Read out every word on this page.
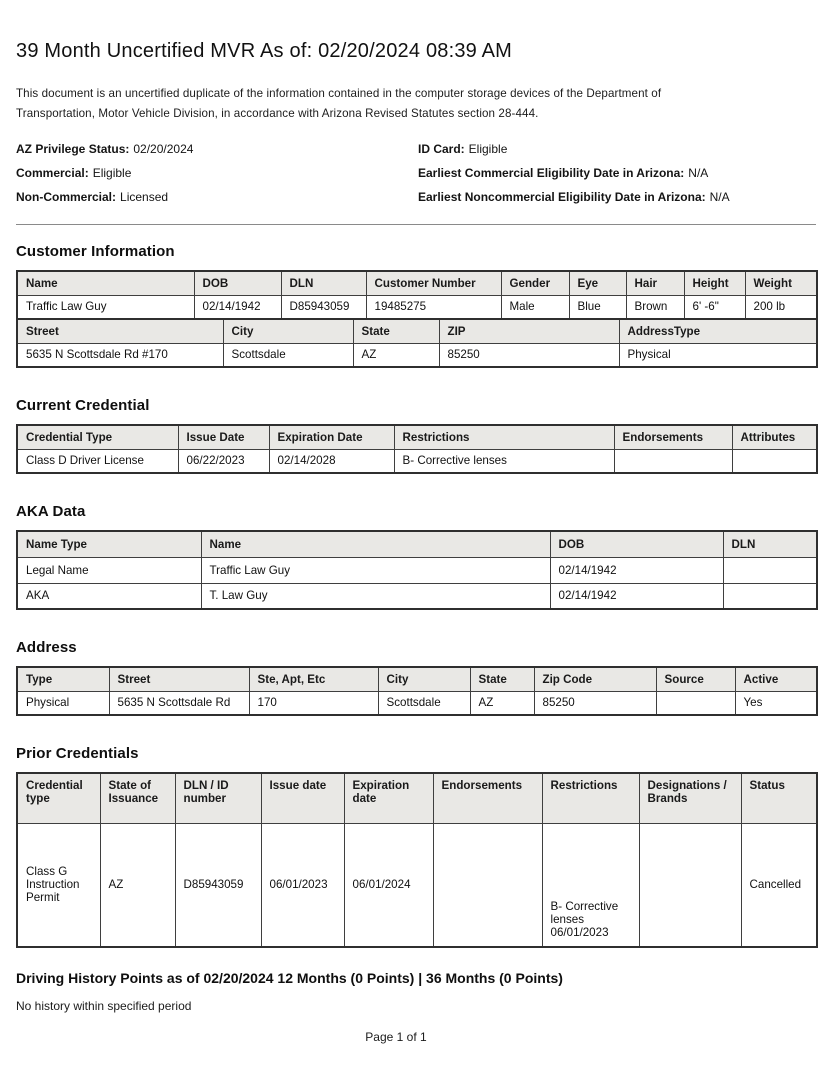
39 Month Uncertified MVR As of: 02/20/2024 08:39 AM

This document is an uncertified duplicate of the information contained in the computer storage devices of the Department of Transportation, Motor Vehicle Division, in accordance with Arizona Revised Statutes section 28-444.

AZ Privilege Status: 02/20/2024
Commercial: Eligible
Non-Commercial: Licensed
ID Card: Eligible
Earliest Commercial Eligibility Date in Arizona: N/A
Earliest Noncommercial Eligibility Date in Arizona: N/A
Customer Information
Name	DOB	DLN	Customer Number	Gender	Eye	Hair	Height	Weight
Traffic Law Guy	02/14/1942	D85943059	19485275	Male	Blue	Brown	6' -6"	200 lb
Street	City	State	ZIP	AddressType
5635 N Scottsdale Rd #170	Scottsdale	AZ	85250	Physical
Current Credential
Credential Type	Issue Date	Expiration Date	Restrictions	Endorsements	Attributes
Class D Driver License	06/22/2023	02/14/2028	B- Corrective lenses		
AKA Data
Name Type	Name	DOB	DLN
Legal Name	Traffic Law Guy	02/14/1942	
AKA	T. Law Guy	02/14/1942	
Address
Type	Street	Ste, Apt, Etc	City	State	Zip Code	Source	Active
Physical	5635 N Scottsdale Rd	170	Scottsdale	AZ	85250		Yes
Prior Credentials
Credential type	State of Issuance	DLN / ID number	Issue date	Expiration date	Endorsements	Restrictions	Designations / Brands	Status
Class G Instruction Permit	AZ	D85943059	06/01/2023	06/01/2024		B- Corrective lenses 06/01/2023		Cancelled
Driving History Points as of 02/20/2024 12 Months (0 Points) | 36 Months (0 Points)

No history within specified period

Page 1 of 1
